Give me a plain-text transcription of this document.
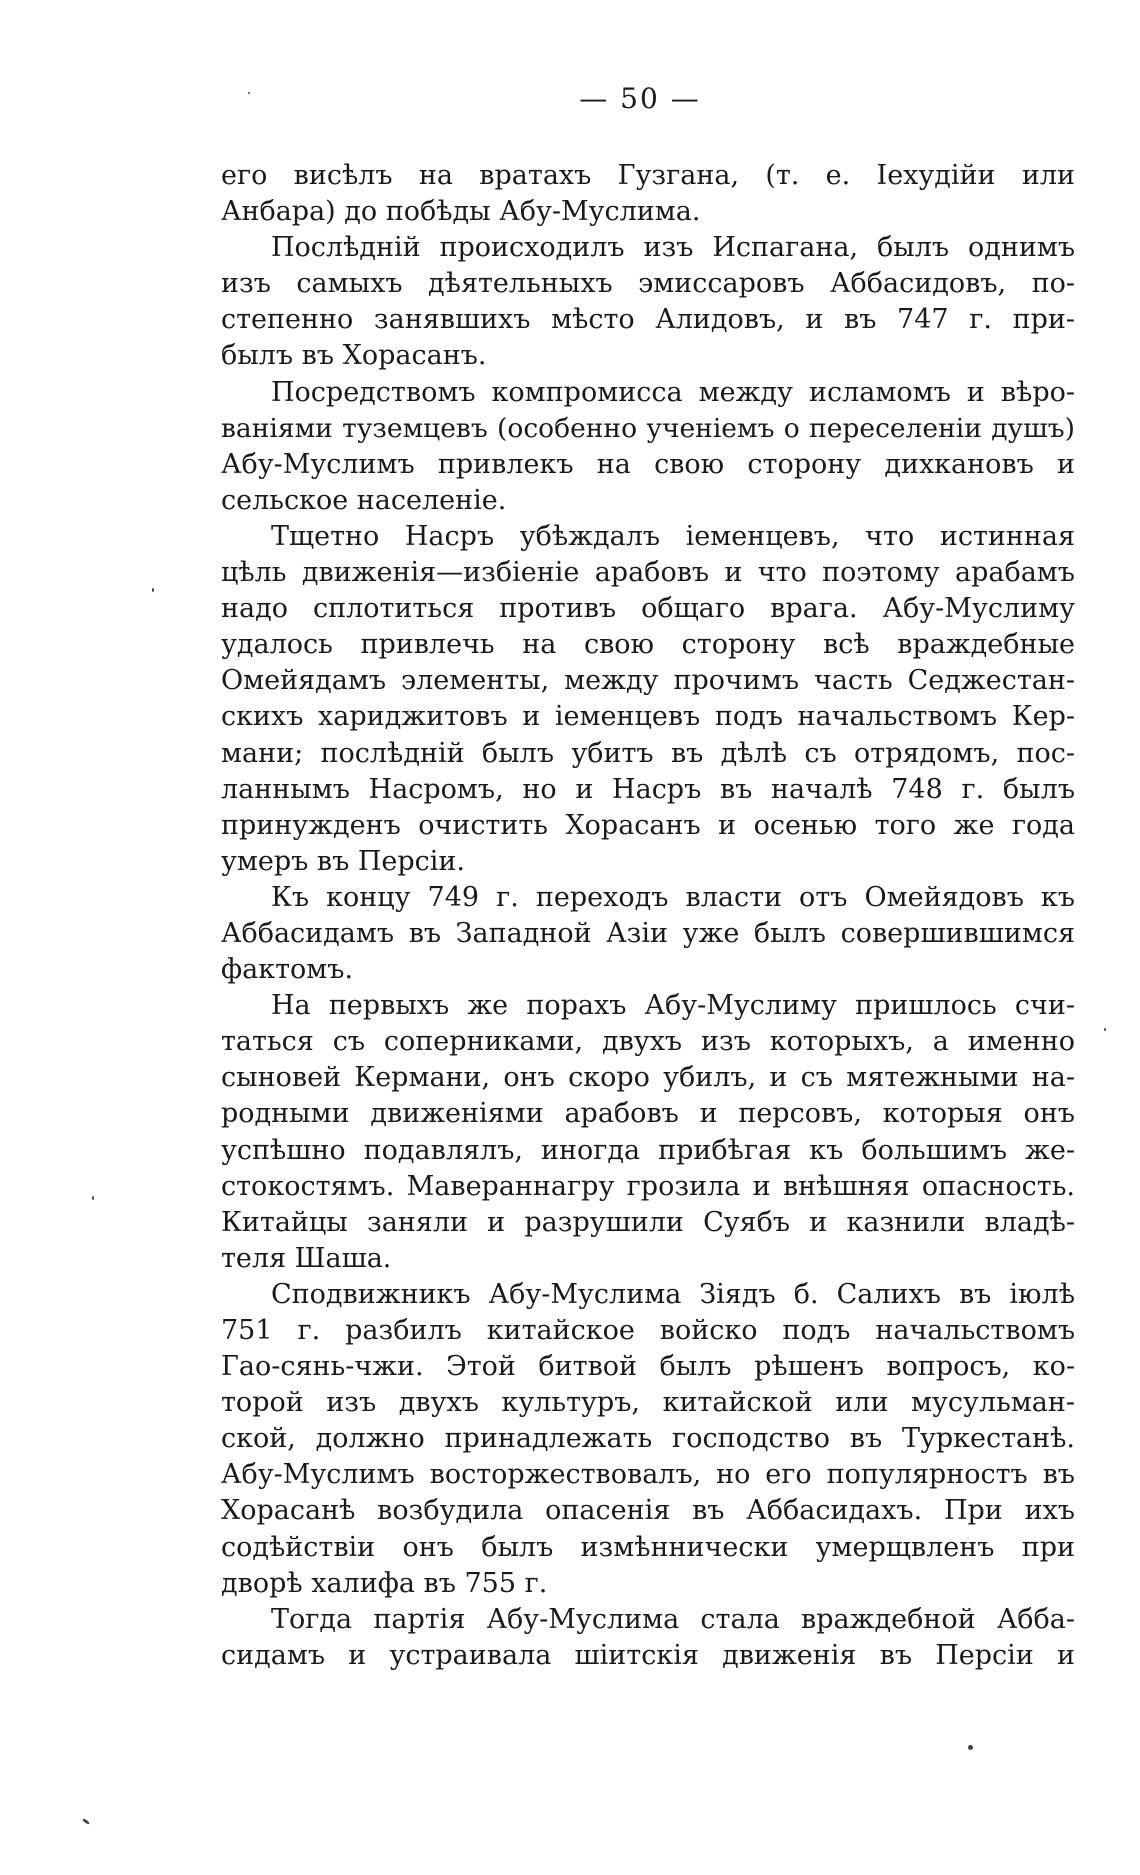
— 50 —
его висѣлъ на вратахъ Гузгана, (т. е. Iехудiйи или
Анбара) до побѣды Абу-Муслима.
Послѣднiй происходилъ изъ Испагана, былъ однимъ
изъ самыхъ дѣятельныхъ эмиссаровъ Аббасидовъ, по-
степенно занявшихъ мѣсто Алидовъ, и въ 747 г. при-
былъ въ Хорасанъ.
Посредствомъ компромисса между исламомъ и вѣро-
ванiями туземцевъ (особенно ученiемъ о переселенiи душъ)
Абу-Муслимъ привлекъ на свою сторону дихкановъ и
сельское населенiе.
Тщетно Насръ убѣждалъ iеменцевъ, что истинная
цѣль движенiя—избiенiе арабовъ и что поэтому арабамъ
надо сплотиться противъ общаго врага. Абу-Муслиму
удалось привлечь на свою сторону всѣ враждебные
Омейядамъ элементы, между прочимъ часть Седжестан-
скихъ хариджитовъ и iеменцевъ подъ начальствомъ Кер-
мани; послѣднiй былъ убитъ въ дѣлѣ съ отрядомъ, пос-
ланнымъ Насромъ, но и Насръ въ началѣ 748 г. былъ
принужденъ очистить Хорасанъ и осенью того же года
умеръ въ Персiи.
Къ концу 749 г. переходъ власти отъ Омейядовъ къ
Аббасидамъ въ Западной Азiи уже былъ совершившимся
фактомъ.
На первыхъ же порахъ Абу-Муслиму пришлось счи-
таться съ соперниками, двухъ изъ которыхъ, а именно
сыновей Кермани, онъ скоро убилъ, и съ мятежными на-
родными движенiями арабовъ и персовъ, которыя онъ
успѣшно подавлялъ, иногда прибѣгая къ большимъ же-
стокостямъ. Мавераннагру грозила и внѣшняя опасность.
Китайцы заняли и разрушили Суябъ и казнили владѣ-
теля Шаша.
Сподвижникъ Абу-Муслима Зiядъ б. Салихъ въ iюлѣ
751 г. разбилъ китайское войско подъ начальствомъ
Гао-сянь-чжи. Этой битвой былъ рѣшенъ вопросъ, ко-
торой изъ двухъ культуръ, китайской или мусульман-
ской, должно принадлежать господство въ Туркестанѣ.
Абу-Муслимъ восторжествовалъ, но его популярностъ въ
Хорасанѣ возбудила опасенiя въ Аббасидахъ. При ихъ
содѣйствiи онъ былъ измѣннически умерщвленъ при
дворѣ халифа въ 755 г.
Тогда партiя Абу-Муслима стала враждебной Абба-
сидамъ и устраивала шiитскiя движенiя въ Персiи и
